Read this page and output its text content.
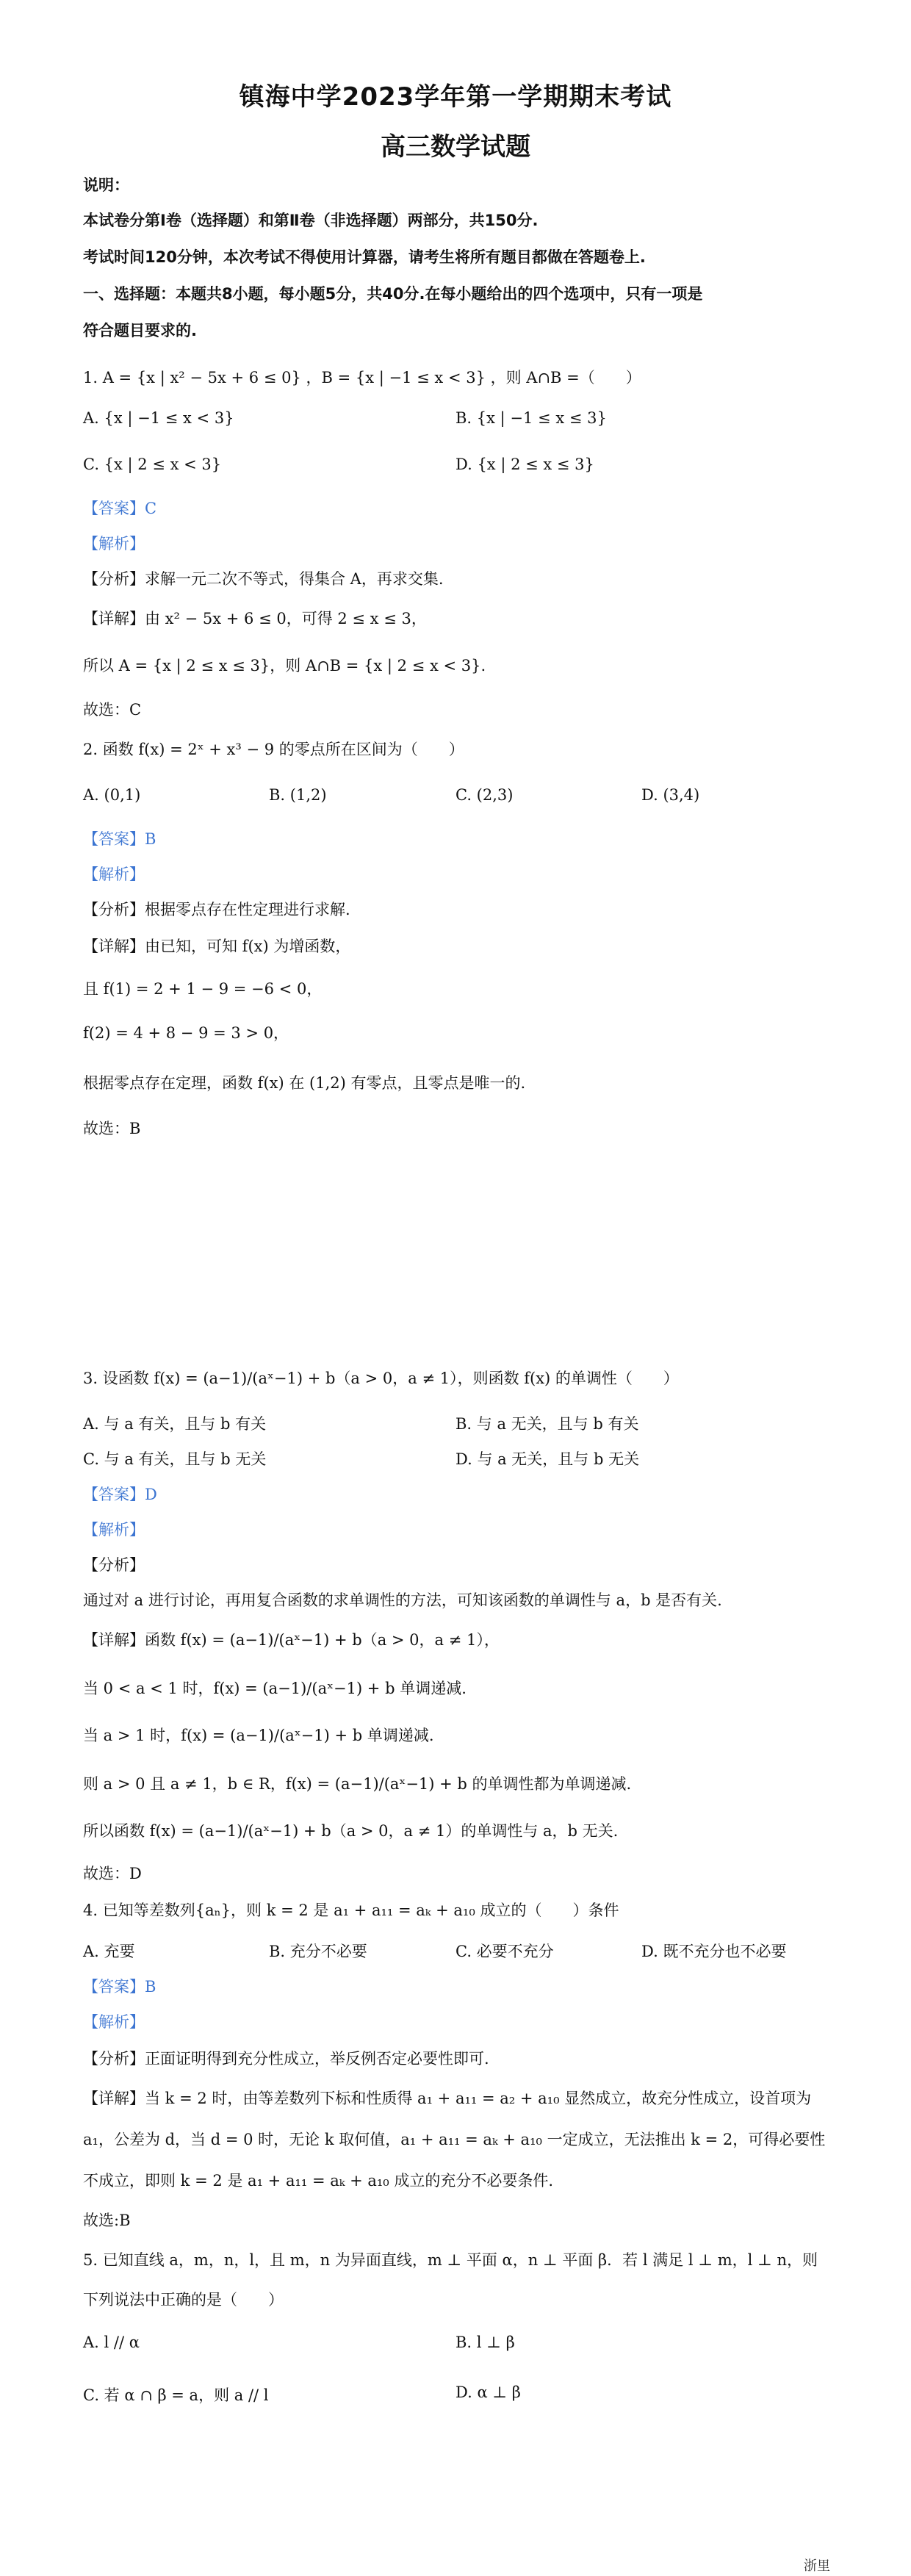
镇海中学2023学年第一学期期末考试
高三数学试题
说明：
本试卷分第Ⅰ卷（选择题）和第Ⅱ卷（非选择题）两部分，共150分.
考试时间120分钟，本次考试不得使用计算器，请考生将所有题目都做在答题卷上.
一、选择题：本题共8小题，每小题5分，共40分.在每小题给出的四个选项中，只有一项是
符合题目要求的.
1. A = {x | x² − 5x + 6 ≤ 0} ，B = {x | −1 ≤ x < 3} ，则 A∩B =（　　）
A. {x | −1 ≤ x < 3}	B. {x | −1 ≤ x ≤ 3}
C. {x | 2 ≤ x < 3}	D. {x | 2 ≤ x ≤ 3}
【答案】C
【解析】
【分析】求解一元二次不等式，得集合 A，再求交集.
【详解】由 x² − 5x + 6 ≤ 0，可得 2 ≤ x ≤ 3，
所以 A = {x | 2 ≤ x ≤ 3}，则 A∩B = {x | 2 ≤ x < 3}.
故选：C
2. 函数 f(x) = 2ˣ + x³ − 9 的零点所在区间为（　　）
A. (0,1)	B. (1,2)	C. (2,3)	D. (3,4)
【答案】B
【解析】
【分析】根据零点存在性定理进行求解.
【详解】由已知，可知 f(x) 为增函数，
且 f(1) = 2 + 1 − 9 = −6 < 0，
f(2) = 4 + 8 − 9 = 3 > 0，
根据零点存在定理，函数 f(x) 在 (1,2) 有零点，且零点是唯一的.
故选：B
3. 设函数 f(x) = (a−1)/(aˣ−1) + b（a > 0，a ≠ 1），则函数 f(x) 的单调性（　　）
A. 与 a 有关，且与 b 有关	B. 与 a 无关，且与 b 有关
C. 与 a 有关，且与 b 无关	D. 与 a 无关，且与 b 无关
【答案】D
【解析】
【分析】
通过对 a 进行讨论，再用复合函数的求单调性的方法，可知该函数的单调性与 a，b 是否有关.
【详解】函数 f(x) = (a−1)/(aˣ−1) + b（a > 0，a ≠ 1），
当 0 < a < 1 时，f(x) = (a−1)/(aˣ−1) + b 单调递减.
当 a > 1 时，f(x) = (a−1)/(aˣ−1) + b 单调递减.
则 a > 0 且 a ≠ 1，b ∈ R，f(x) = (a−1)/(aˣ−1) + b 的单调性都为单调递减.
所以函数 f(x) = (a−1)/(aˣ−1) + b（a > 0，a ≠ 1）的单调性与 a，b 无关.
故选：D
4. 已知等差数列{aₙ}，则 k = 2 是 a₁ + a₁₁ = aₖ + a₁₀ 成立的（　　）条件
A. 充要	B. 充分不必要	C. 必要不充分	D. 既不充分也不必要
【答案】B
【解析】
【分析】正面证明得到充分性成立，举反例否定必要性即可.
【详解】当 k = 2 时，由等差数列下标和性质得 a₁ + a₁₁ = a₂ + a₁₀ 显然成立，故充分性成立，设首项为
a₁，公差为 d，当 d = 0 时，无论 k 取何值，a₁ + a₁₁ = aₖ + a₁₀ 一定成立，无法推出 k = 2，可得必要性
不成立，即则 k = 2 是 a₁ + a₁₁ = aₖ + a₁₀ 成立的充分不必要条件.
故选:B
5. 已知直线 a，m，n，l，且 m，n 为异面直线，m ⊥ 平面 α，n ⊥ 平面 β．若 l 满足 l ⊥ m，l ⊥ n，则
下列说法中正确的是（　　）
A. l // α	B. l ⊥ β
C. 若 α ∩ β = a，则 a // l	D. α ⊥ β
浙里
